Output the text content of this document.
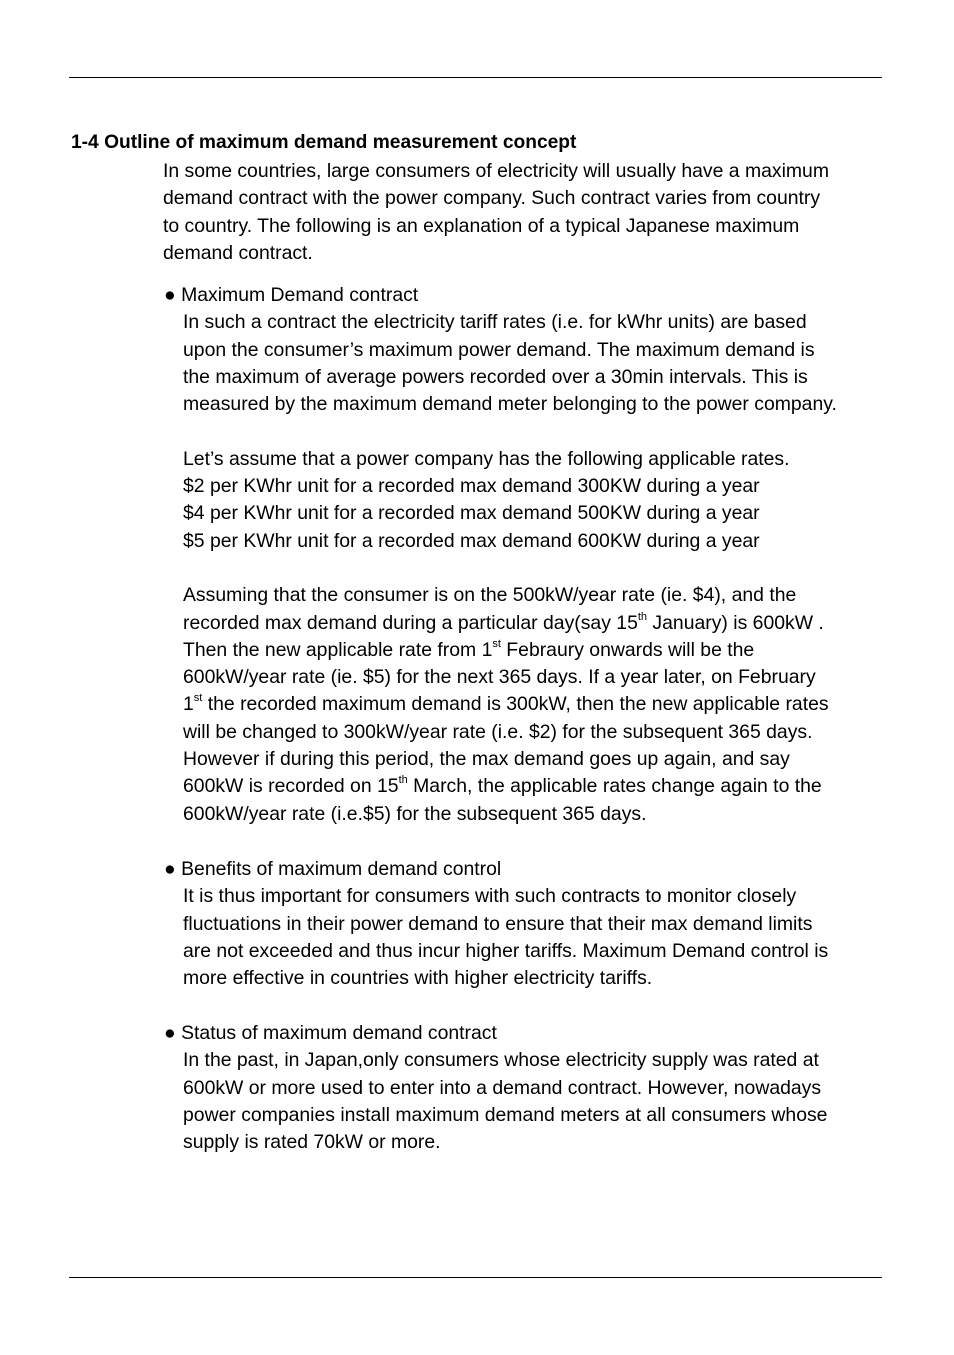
1-4 Outline of maximum demand measurement concept

In some countries, large consumers of electricity will usually have a maximum

demand contract with the power company. Such contract varies from country

to country. The following is an explanation of a typical Japanese maximum

demand contract.

● Maximum Demand contract

In such a contract the electricity tariff rates (i.e. for kWhr units) are based

upon the consumer’s maximum power demand. The maximum demand is

the maximum of average powers recorded over a 30min intervals. This is

measured by the maximum demand meter belonging to the power company.

Let’s assume that a power company has the following applicable rates.

$2 per KWhr unit for a recorded max demand 300KW during a year

$4 per KWhr unit for a recorded max demand 500KW during a year

$5 per KWhr unit for a recorded max demand 600KW during a year

Assuming that the consumer is on the 500kW/year rate (ie. $4), and the

recorded max demand during a particular day(say 15th January) is 600kW .

Then the new applicable rate from 1st Febraury onwards will be the

600kW/year rate (ie. $5) for the next 365 days. If a year later, on February

1st the recorded maximum demand is 300kW, then the new applicable rates

will be changed to 300kW/year rate (i.e. $2) for the subsequent 365 days.

However if during this period, the max demand goes up again, and say

600kW is recorded on 15th March, the applicable rates change again to the

600kW/year rate (i.e.$5) for the subsequent 365 days.

● Benefits of maximum demand control

It is thus important for consumers with such contracts to monitor closely

fluctuations in their power demand to ensure that their max demand limits

are not exceeded and thus incur higher tariffs. Maximum Demand control is

more effective in countries with higher electricity tariffs.

● Status of maximum demand contract

In the past, in Japan,only consumers whose electricity supply was rated at

600kW or more used to enter into a demand contract. However, nowadays

power companies install maximum demand meters at all consumers whose

supply is rated 70kW or more.
